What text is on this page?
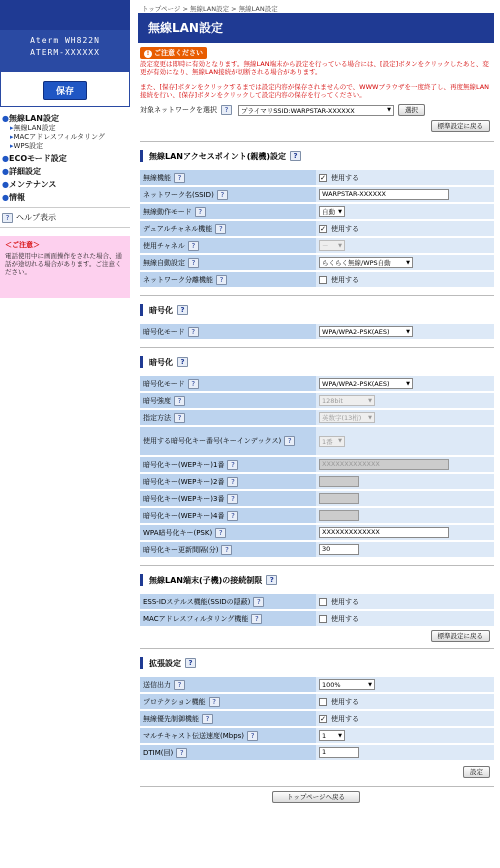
Aterm WH822N
ATERM-XXXXXX
保存
●無線LAN設定
▸無線LAN設定
▸MACアドレスフィルタリング
▸WPS設定
●ECOモード設定
●詳細設定
●メンテナンス
●情報
? ヘルプ表示
＜ご注意＞
電話使用中に画面操作をされた場合、通話が途切れる場合があります。ご注意ください。
トップページ > 無線LAN設定 > 無線LAN設定
無線LAN設定
! ご注意ください
設定変更は即時に有効となります。無線LAN端末から設定を行っている場合には、[設定]ボタンをクリックしたあと、変更が有効になり、無線LAN接続が切断される場合があります。
また、[保存]ボタンをクリックするまでは設定内容が保存されませんので、WWWブラウザを一度終了し、再度無線LAN接続を行い、[保存]ボタンをクリックして設定内容の保存を行ってください。
対象ネットワークを選択	?	プライマリSSID:WARPSTAR-XXXXXX	▼	選択
標準設定に戻る
無線LANアクセスポイント(親機)設定	?
無線機能 ?	✓ 使用する
ネットワーク名(SSID) ?	WARPSTAR-XXXXXX
無線動作モード ?	自動 ▼

デュアルチャネル機能 ?	✓ 使用する
使用チャネル ?	－ ▼

無線自動設定 ?	らくらく無線/WPS自動 ▼

ネットワーク分離機能 ?	使用する
暗号化	?
暗号化モード ?	WPA/WPA2-PSK(AES)	▼
暗号化	?
暗号化モード ?	WPA/WPA2-PSK(AES) ▼

暗号強度 ?	128bit ▼

指定方法 ?	英数字(13桁) ▼

使用する暗号化キー番号(キーインデックス) ?	1番 ▼

暗号化キー(WEPキー)1番 ?	XXXXXXXXXXXXX
暗号化キー(WEPキー)2番 ?	
暗号化キー(WEPキー)3番 ?	
暗号化キー(WEPキー)4番 ?	
WPA暗号化キー(PSK) ?	XXXXXXXXXXXXX
暗号化キー更新間隔(分) ?	30
無線LAN端末(子機)の接続制限	?
ESS-IDステルス機能(SSIDの隠蔽) ?	使用する
MACアドレスフィルタリング機能 ?	使用する
標準設定に戻る
拡張設定	?
送信出力 ?	100% ▼

プロテクション機能 ?	使用する
無線優先制御機能 ?	✓ 使用する
マルチキャスト伝送速度(Mbps) ?	1 ▼

DTIM(回) ?	1
設定
トップページへ戻る
